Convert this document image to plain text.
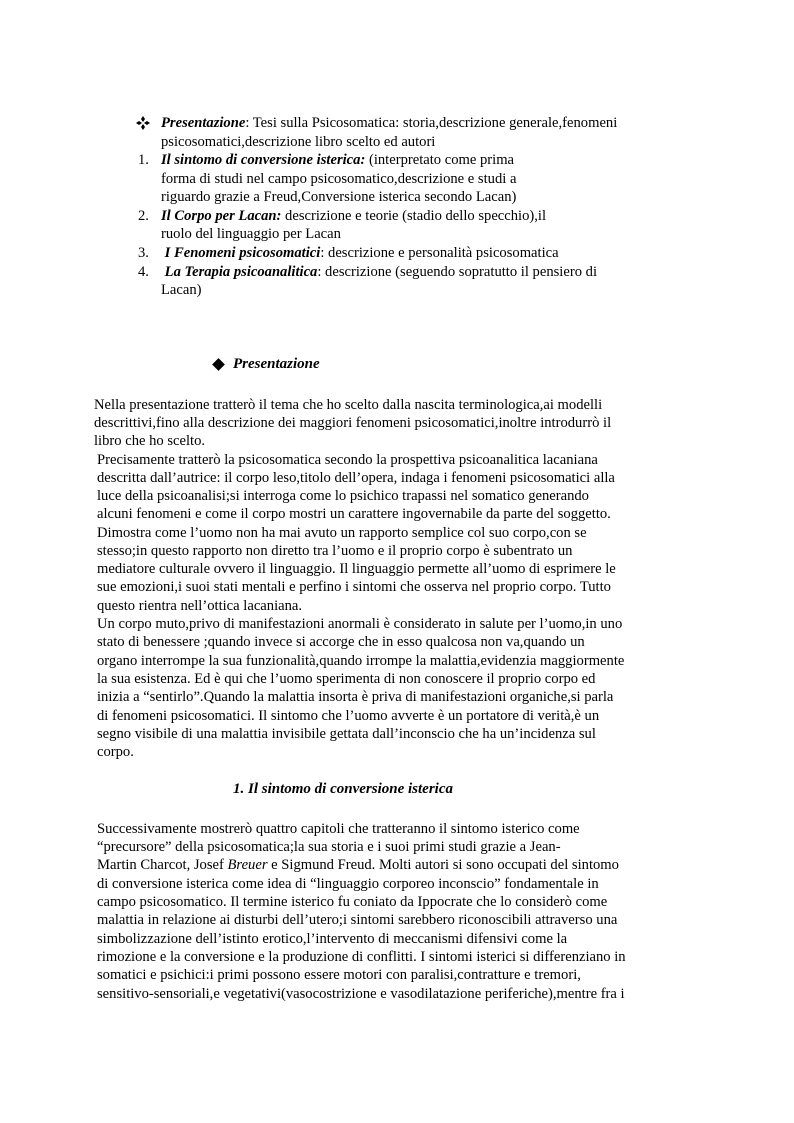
Presentazione: Tesi sulla Psicosomatica: storia,descrizione generale,fenomeni
psicosomatici,descrizione libro scelto ed autori
1. Il sintomo di conversione isterica: (interpretato come prima
forma di studi nel campo psicosomatico,descrizione e studi a
riguardo grazie a Freud,Conversione isterica secondo Lacan)
2. Il Corpo per Lacan: descrizione e teorie (stadio dello specchio),il
ruolo del linguaggio per Lacan
3. I Fenomeni psicosomatici: descrizione e personalità psicosomatica
4. La Terapia psicoanalitica: descrizione (seguendo sopratutto il pensiero di
Lacan)
Presentazione
Nella presentazione tratterò il tema che ho scelto dalla nascita terminologica,ai modelli
descrittivi,fino alla descrizione dei maggiori fenomeni psicosomatici,inoltre introdurrò il
libro che ho scelto.
Precisamente tratterò la psicosomatica secondo la prospettiva psicoanalitica lacaniana
descritta dall’autrice: il corpo leso,titolo dell’opera, indaga i fenomeni psicosomatici alla
luce della psicoanalisi;si interroga come lo psichico trapassi nel somatico generando
alcuni fenomeni e come il corpo mostri un carattere ingovernabile da parte del soggetto.
Dimostra come l’uomo non ha mai avuto un rapporto semplice col suo corpo,con se
stesso;in questo rapporto non diretto tra l’uomo e il proprio corpo è subentrato un
mediatore culturale ovvero il linguaggio. Il linguaggio permette all’uomo di esprimere le
sue emozioni,i suoi stati mentali e perfino i sintomi che osserva nel proprio corpo. Tutto
questo rientra nell’ottica lacaniana.
Un corpo muto,privo di manifestazioni anormali è considerato in salute per l’uomo,in uno
stato di benessere ;quando invece si accorge che in esso qualcosa non va,quando un
organo interrompe la sua funzionalità,quando irrompe la malattia,evidenzia maggiormente
la sua esistenza. Ed è qui che l’uomo sperimenta di non conoscere il proprio corpo ed
inizia a “sentirlo”.Quando la malattia insorta è priva di manifestazioni organiche,si parla
di fenomeni psicosomatici. Il sintomo che l’uomo avverte è un portatore di verità,è un
segno visibile di una malattia invisibile gettata dall’inconscio che ha un’incidenza sul
corpo.
1. Il sintomo di conversione isterica
Successivamente mostrerò quattro capitoli che tratteranno il sintomo isterico come
“precursore” della psicosomatica;la sua storia e i suoi primi studi grazie a Jean-
Martin Charcot, Josef Breuer e Sigmund Freud. Molti autori si sono occupati del sintomo
di conversione isterica come idea di “linguaggio corporeo inconscio” fondamentale in
campo psicosomatico. Il termine isterico fu coniato da Ippocrate che lo considerò come
malattia in relazione ai disturbi dell’utero;i sintomi sarebbero riconoscibili attraverso una
simbolizzazione dell’istinto erotico,l’intervento di meccanismi difensivi come la
rimozione e la conversione e la produzione di conflitti. I sintomi isterici si differenziano in
somatici e psichici:i primi possono essere motori con paralisi,contratture e tremori,
sensitivo-sensoriali,e vegetativi(vasocostrizione e vasodilatazione periferiche),mentre fra i
